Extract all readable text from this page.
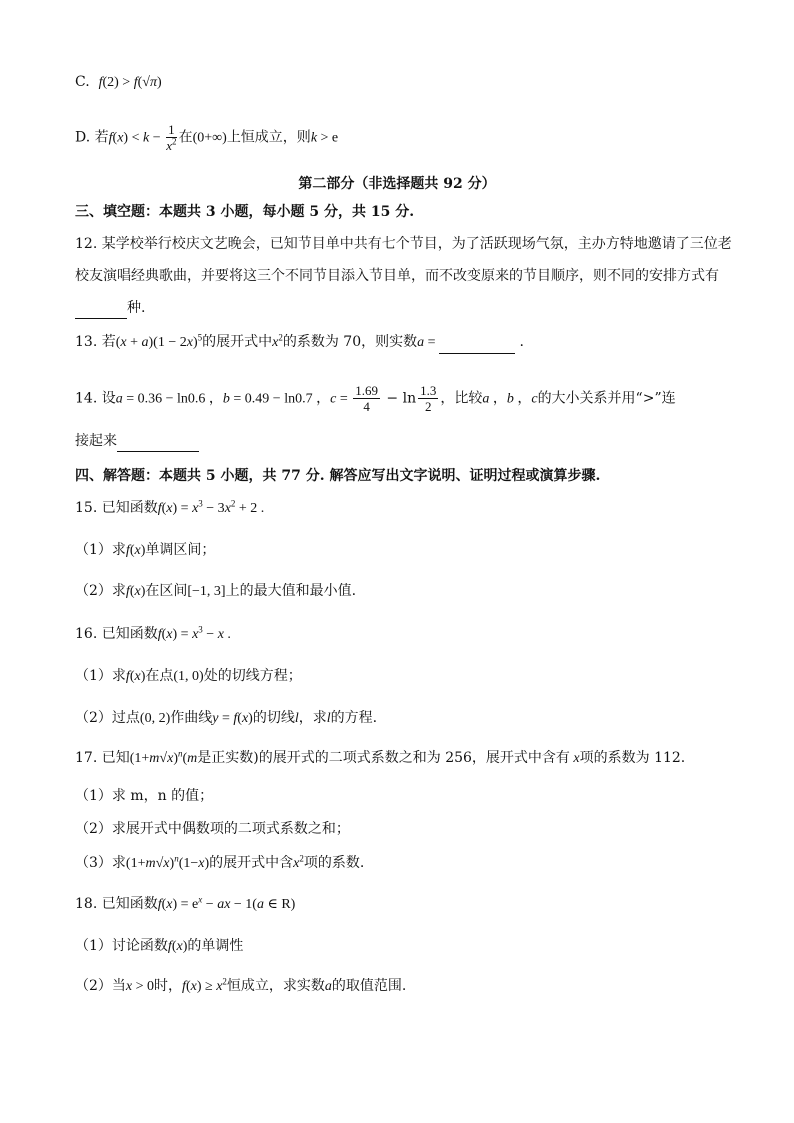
C. f(2) > f(√π)
D. 若$f(x) < k - \frac{1}{x^2}$ 在(0+∞)上恒成立，则k > e
第二部分（非选择题共 92 分）
三、填空题：本题共 3 小题，每小题 5 分，共 15 分.
12. 某学校举行校庆文艺晚会，已知节目单中共有七个节目，为了活跃现场气氛，主办方特地邀请了三位老
校友演唱经典歌曲，并要将这三个不同节目添入节目单，而不改变原来的节目顺序，则不同的安排方式有
种.
13. 若$(x + a)(1 - 2x)^5$的展开式中$x^2$的系数为 70，则实数a =	.
14. 设a = 0.36 − ln0.6 ，b = 0.49 − ln0.7 ，$c = \frac{1.69}{4} - \ln \frac{1.3}{2}$ ，比较a ，b ，c的大小关系并用“>”连
接起来
四、解答题：本题共 5 小题，共 77 分. 解答应写出文字说明、证明过程或演算步骤.
15. 已知函数$f(x) = x^3 - 3x^2 + 2$ .
（1）求f(x)单调区间；
（2）求f(x)在区间[−1, 3]上的最大值和最小值.
16. 已知函数$f(x) = x^3 - x$ .
（1）求f(x)在点(1, 0)处的切线方程；
（2）过点(0, 2)作曲线y = f(x)的切线l，求l的方程.
17. 已知$(1+m√x)^n(m$是正实数)的展开式的二项式系数之和为 256，展开式中含有 x项的系数为 112.
（1）求 m，n 的值；
（2）求展开式中偶数项的二项式系数之和；
（3）求$(1+m√x)^n(1-x)$的展开式中含$x^2$项的系数.
18. 已知函数$f(x) = e^x$ − ax − 1(a ∈ R)
（1）讨论函数f(x)的单调性
（2）当x > 0时，$f(x) \ge x^2$恒成立，求实数a的取值范围.
